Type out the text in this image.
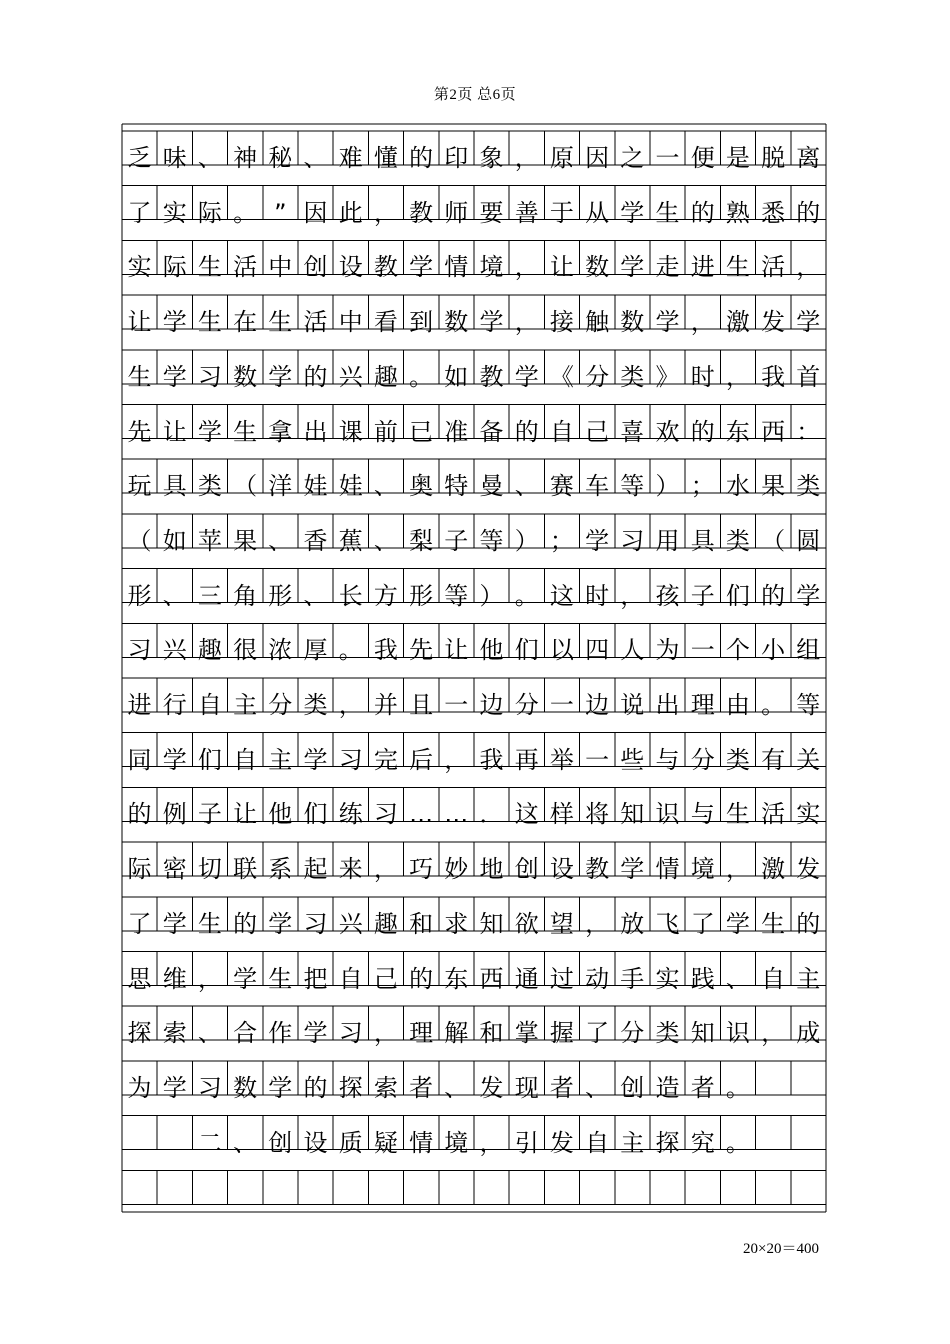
第2页 总6页
乏 味 、 神 秘 、 难 懂 的 印 象 ， 原 因 之 一 便 是 脱 离
了 实 际 。 ” 因 此 ， 教 师 要 善 于 从 学 生 的 熟 悉 的
实 际 生 活 中 创 设 教 学 情 境 ， 让 数 学 走 进 生 活 ，
让 学 生 在 生 活 中 看 到 数 学 ， 接 触 数 学 ， 激 发 学
生 学 习 数 学 的 兴 趣 。 如 教 学 《 分 类 》 时 ， 我 首
先 让 学 生 拿 出 课 前 已 准 备 的 自 己 喜 欢 的 东 西 ：
玩 具 类 （ 洋 娃 娃 、 奥 特 曼 、 赛 车 等 ） ； 水 果 类
（ 如 苹 果 、 香 蕉 、 梨 子 等 ） ； 学 习 用 具 类 （ 圆
形 、 三 角 形 、 长 方 形 等 ） 。 这 时 ， 孩 子 们 的 学
习 兴 趣 很 浓 厚 。 我 先 让 他 们 以 四 人 为 一 个 小 组
进 行 自 主 分 类 ， 并 且 一 边 分 一 边 说 出 理 由 。 等
同 学 们 自 主 学 习 完 后 ， 我 再 举 一 些 与 分 类 有 关
的 例 子 让 他 们 练 习 … … ． 这 样 将 知 识 与 生 活 实
际 密 切 联 系 起 来 ， 巧 妙 地 创 设 教 学 情 境 ， 激 发
了 学 生 的 学 习 兴 趣 和 求 知 欲 望 ， 放 飞 了 学 生 的
思 维 ， 学 生 把 自 己 的 东 西 通 过 动 手 实 践 、 自 主
探 索 、 合 作 学 习 ， 理 解 和 掌 握 了 分 类 知 识 ， 成
为 学 习 数 学 的 探 索 者 、 发 现 者 、 创 造 者 。
二 、 创 设 质 疑 情 境 ， 引 发 自 主 探 究 。
20×20＝400
